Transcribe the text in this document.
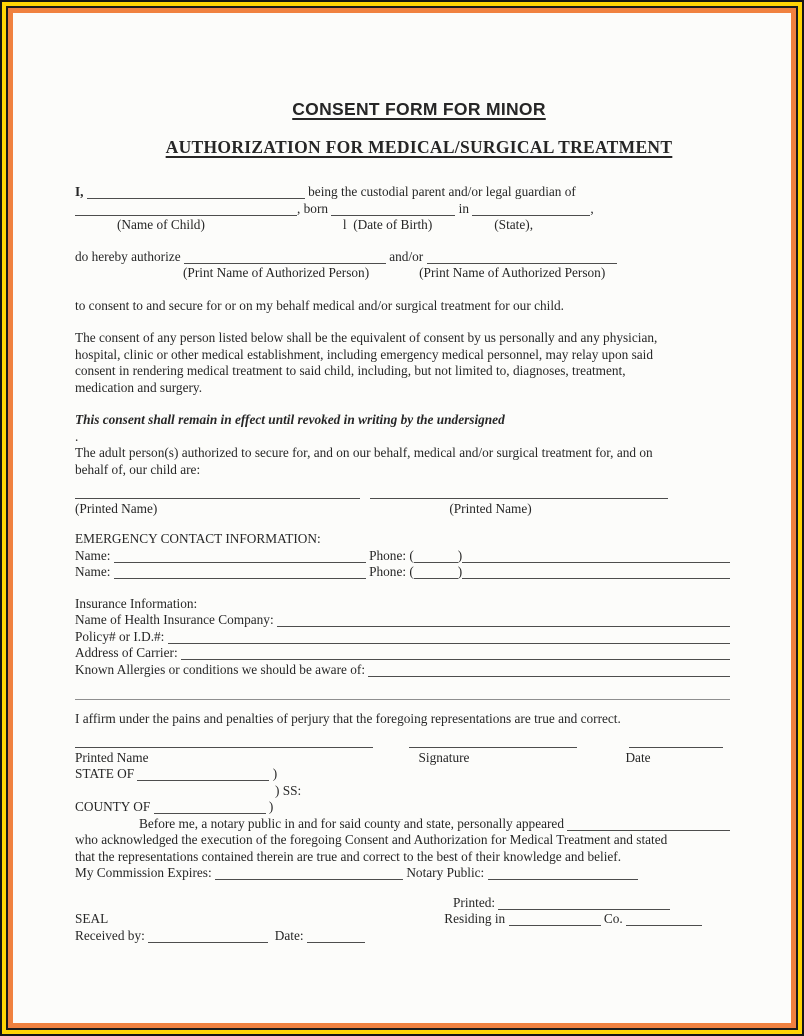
CONSENT FORM FOR MINOR
AUTHORIZATION FOR MEDICAL/SURGICAL TREATMENT
I,	being the custodial parent and/or legal guardian of
, born	in	,
(Name of Child)	l  (Date of Birth)	(State),
do hereby authorize	and/or
(Print Name of Authorized Person)	(Print Name of Authorized Person)
to consent to and secure for or on my behalf medical and/or surgical treatment for our child.
The consent of any person listed below shall be the equivalent of consent by us personally and any physician,
hospital, clinic or other medical establishment, including emergency medical personnel, may relay upon said
consent in rendering medical treatment to said child, including, but not limited to, diagnoses, treatment,
medication and surgery.
This consent shall remain in effect until revoked in writing by the undersigned
.
The adult person(s) authorized to secure for, and on our behalf, medical and/or surgical treatment for, and on
behalf of, our child are:
(Printed Name)	(Printed Name)
EMERGENCY CONTACT INFORMATION:
Name:	Phone: (	)
Name:	Phone: (	)
Insurance Information:
Name of Health Insurance Company:
Policy# or I.D.#:
Address of Carrier:
Known Allergies or conditions we should be aware of:
I affirm under the pains and penalties of perjury that the foregoing representations are true and correct.
Printed Name	Signature	Date
STATE OF	)
) SS:
COUNTY OF	)
Before me, a notary public in and for said county and state, personally appeared
who acknowledged the execution of the foregoing Consent and Authorization for Medical Treatment and stated
that the representations contained therein are true and correct to the best of their knowledge and belief.
My Commission Expires:	Notary Public:
Printed:
SEAL	Residing in	Co.
Received by:	Date:
